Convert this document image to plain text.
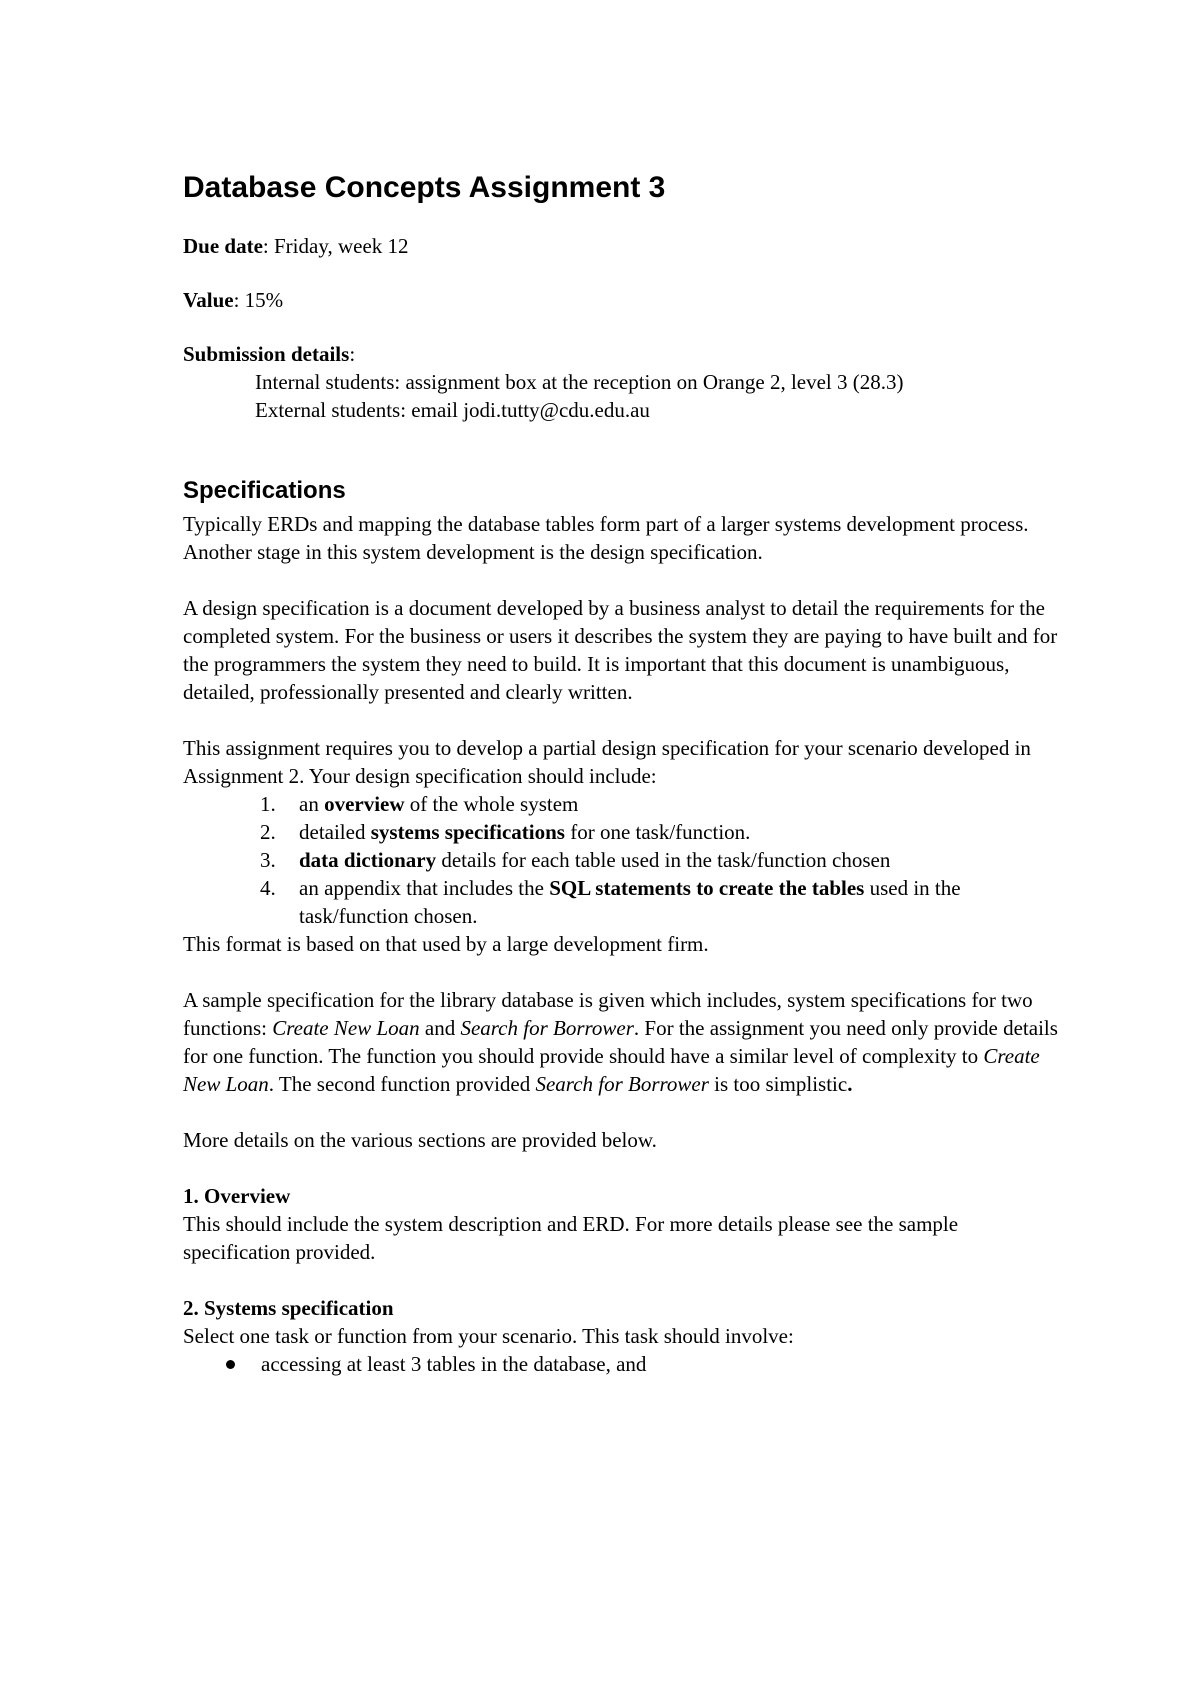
Database Concepts Assignment 3
Due date: Friday, week 12
Value: 15%
Submission details:
Internal students: assignment box at the reception on Orange 2, level 3 (28.3)
External students: email jodi.tutty@cdu.edu.au
Specifications

Typically ERDs and mapping the database tables form part of a larger systems development process. Another stage in this system development is the design specification.

A design specification is a document developed by a business analyst to detail the requirements for the completed system. For the business or users it describes the system they are paying to have built and for the programmers the system they need to build. It is important that this document is unambiguous, detailed, professionally presented and clearly written.

This assignment requires you to develop a partial design specification for your scenario developed in Assignment 2. Your design specification should include:

1. an overview of the whole system
2. detailed systems specifications for one task/function.
3. data dictionary details for each table used in the task/function chosen
4. an appendix that includes the SQL statements to create the tables used in the task/function chosen.

This format is based on that used by a large development firm.

A sample specification for the library database is given which includes, system specifications for two functions: Create New Loan and Search for Borrower. For the assignment you need only provide details for one function. The function you should provide should have a similar level of complexity to Create New Loan. The second function provided Search for Borrower is too simplistic.

More details on the various sections are provided below.

1. Overview

This should include the system description and ERD. For more details please see the sample specification provided.

2. Systems specification

Select one task or function from your scenario. This task should involve:

accessing at least 3 tables in the database, and
